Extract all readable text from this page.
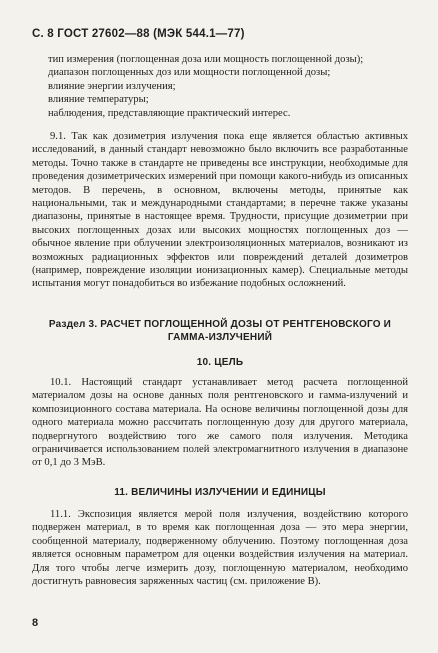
С. 8 ГОСТ 27602—88 (МЭК 544.1—77)
тип измерения (поглощенная доза или мощность поглощенной дозы);
диапазон поглощенных доз или мощности поглощенной дозы;
влияние энергии излучения;
влияние температуры;
наблюдения, представляющие практический интерес.

9.1. Так как дозиметрия излучения пока еще является областью активных исследований, в данный стандарт невозможно было включить все разработанные методы. Точно также в стандарте не приведены все инструкции, необходимые для проведения дозиметрических измерений при помощи какого-нибудь из описанных методов. В перечень, в основном, включены методы, принятые как национальными, так и международными стандартами; в перечне также указаны диапазоны, принятые в настоящее время. Трудности, присущие дозиметрии при высоких поглощенных дозах или высоких мощностях поглощенных доз — обычное явление при облучении электроизоляционных материалов, возникают из возможных радиационных эффектов или повреждений деталей дозиметров (например, повреждение изоляции ионизационных камер). Специальные методы испытания могут понадобиться во избежание подобных осложнений.

Раздел 3. РАСЧЕТ ПОГЛОЩЕННОЙ ДОЗЫ ОТ РЕНТГЕНОВСКОГО И ГАММА-ИЗЛУЧЕНИЙ
10. ЦЕЛЬ

10.1. Настоящий стандарт устанавливает метод расчета поглощенной материалом дозы на основе данных поля рентгеновского и гамма-излучений и композиционного состава материала. На основе величины поглощенной дозы для одного материала можно рассчитать поглощенную дозу для другого материала, подвергнутого воздействию того же самого поля излучения. Методика ограничивается использованием полей электромагнитного излучения в диапазоне от 0,1 до 3 МэВ.

11. ВЕЛИЧИНЫ ИЗЛУЧЕНИИ И ЕДИНИЦЫ

11.1. Экспозиция является мерой поля излучения, воздействию которого подвержен материал, в то время как поглощенная доза — это мера энергии, сообщенной материалу, подверженному облучению. Поэтому поглощенная доза является основным параметром для оценки воздействия излучения на материал. Для того чтобы легче измерить дозу, поглощенную материалом, необходимо достигнуть равновесия заряженных частиц (см. приложение В).

8
